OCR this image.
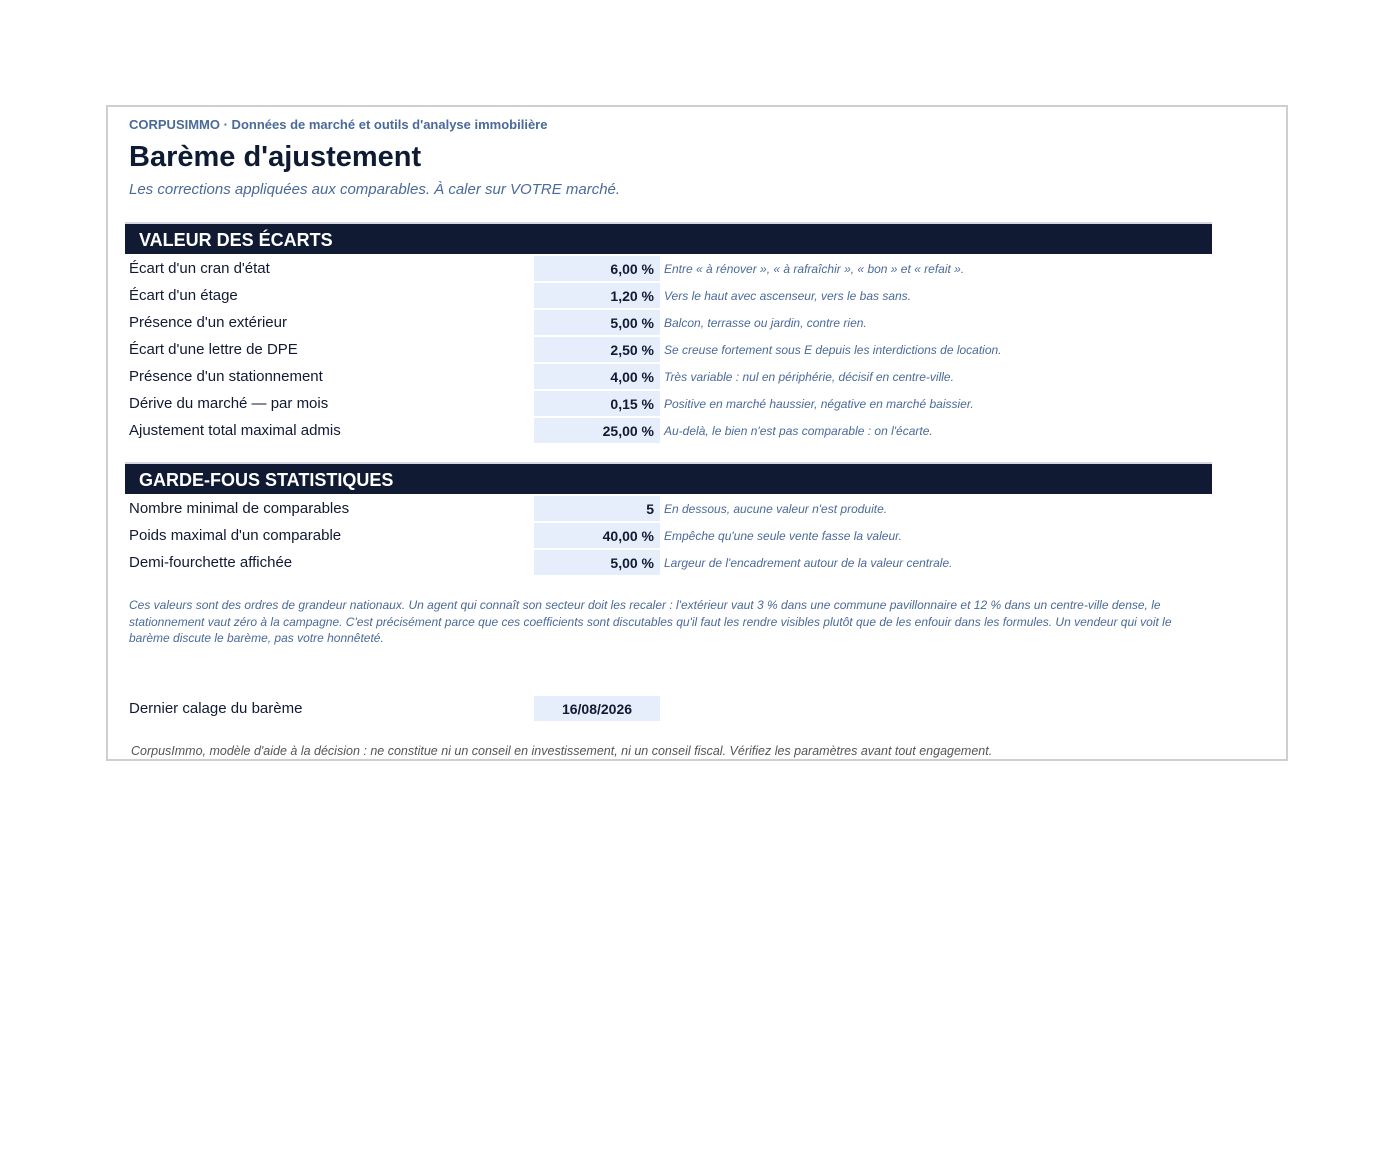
CORPUSIMMO · Données de marché et outils d'analyse immobilière
Barème d'ajustement
Les corrections appliquées aux comparables. À caler sur VOTRE marché.
VALEUR DES ÉCARTS
Écart d'un cran d'état	6,00 % Entre « à rénover », « à rafraîchir », « bon » et « refait ».
Écart d'un étage	1,20 % Vers le haut avec ascenseur, vers le bas sans.
Présence d'un extérieur	5,00 % Balcon, terrasse ou jardin, contre rien.
Écart d'une lettre de DPE	2,50 % Se creuse fortement sous E depuis les interdictions de location.
Présence d'un stationnement	4,00 % Très variable : nul en périphérie, décisif en centre-ville.
Dérive du marché — par mois	0,15 % Positive en marché haussier, négative en marché baissier.
Ajustement total maximal admis	25,00 % Au-delà, le bien n'est pas comparable : on l'écarte.
GARDE-FOUS STATISTIQUES
Nombre minimal de comparables	5 En dessous, aucune valeur n'est produite.
Poids maximal d'un comparable	40,00 % Empêche qu'une seule vente fasse la valeur.
Demi-fourchette affichée	5,00 % Largeur de l'encadrement autour de la valeur centrale.
Ces valeurs sont des ordres de grandeur nationaux. Un agent qui connaît son secteur doit les recaler : l'extérieur vaut 3 % dans une commune pavillonnaire et 12 % dans un centre-ville dense, le stationnement vaut zéro à la campagne. C'est précisément parce que ces coefficients sont discutables qu'il faut les rendre visibles plutôt que de les enfouir dans les formules. Un vendeur qui voit le barème discute le barème, pas votre honnêteté.
Dernier calage du barème	16/08/2026
CorpusImmo, modèle d'aide à la décision : ne constitue ni un conseil en investissement, ni un conseil fiscal. Vérifiez les paramètres avant tout engagement.
